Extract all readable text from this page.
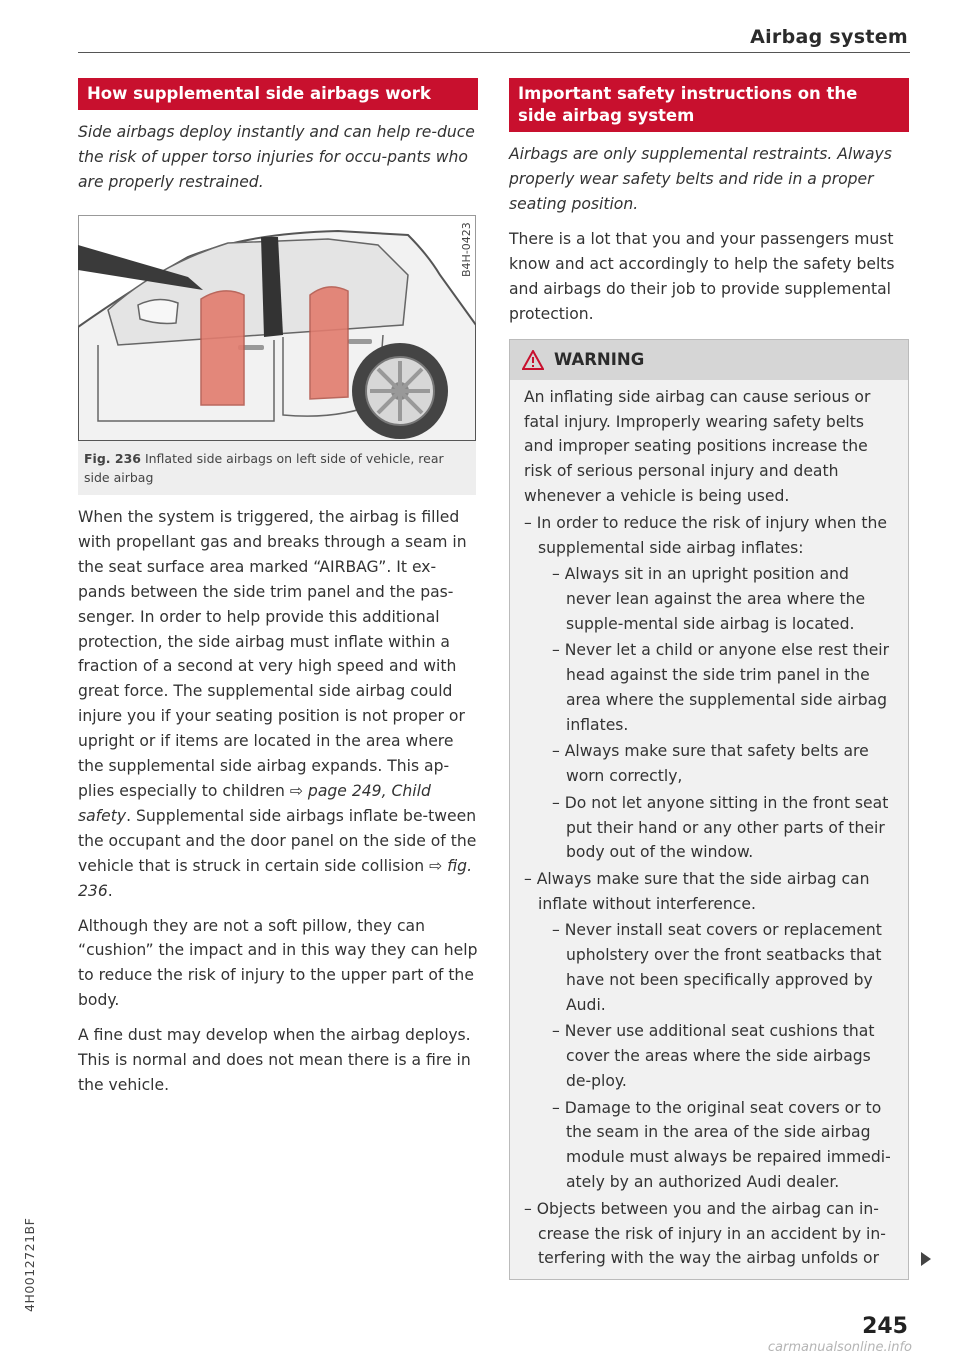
Airbag system
How supplemental side airbags work
Side airbags deploy instantly and can help re-duce the risk of upper torso injuries for occu-pants who are properly restrained.
B4H-0423
Fig. 236 Inflated side airbags on left side of vehicle, rear side airbag

When the system is triggered, the airbag is filled with propellant gas and breaks through a seam in the seat surface area marked “AIRBAG”. It ex-pands between the side trim panel and the pas-senger. In order to help provide this additional protection, the side airbag must inflate within a fraction of a second at very high speed and with great force. The supplemental side airbag could injure you if your seating position is not proper or upright or if items are located in the area where the supplemental side airbag expands. This ap-plies especially to children ⇨ page 249, Child safety. Supplemental side airbags inflate be-tween the occupant and the door panel on the side of the vehicle that is struck in certain side collision ⇨ fig. 236.

Although they are not a soft pillow, they can “cushion” the impact and in this way they can help to reduce the risk of injury to the upper part of the body.

A fine dust may develop when the airbag deploys. This is normal and does not mean there is a fire in the vehicle.

Important safety instructions on the side airbag system
Airbags are only supplemental restraints. Always properly wear safety belts and ride in a proper seating position.
There is a lot that you and your passengers must know and act accordingly to help the safety belts and airbags do their job to provide supplemental protection.
WARNING
An inflating side airbag can cause serious or fatal injury. Improperly wearing safety belts and improper seating positions increase the risk of serious personal injury and death whenever a vehicle is being used.
– In order to reduce the risk of injury when the supplemental side airbag inflates:
– Always sit in an upright position and never lean against the area where the supple-mental side airbag is located.
– Never let a child or anyone else rest their head against the side trim panel in the area where the supplemental side airbag inflates.
– Always make sure that safety belts are worn correctly,
– Do not let anyone sitting in the front seat put their hand or any other parts of their body out of the window.
– Always make sure that the side airbag can inflate without interference.
– Never install seat covers or replacement upholstery over the front seatbacks that have not been specifically approved by Audi.
– Never use additional seat cushions that cover the areas where the side airbags de-ploy.
– Damage to the original seat covers or to the seam in the area of the side airbag module must always be repaired immedi-ately by an authorized Audi dealer.
– Objects between you and the airbag can in-crease the risk of injury in an accident by in-terfering with the way the airbag unfolds or
245
4H0012721BF
carmanualsonline.info
